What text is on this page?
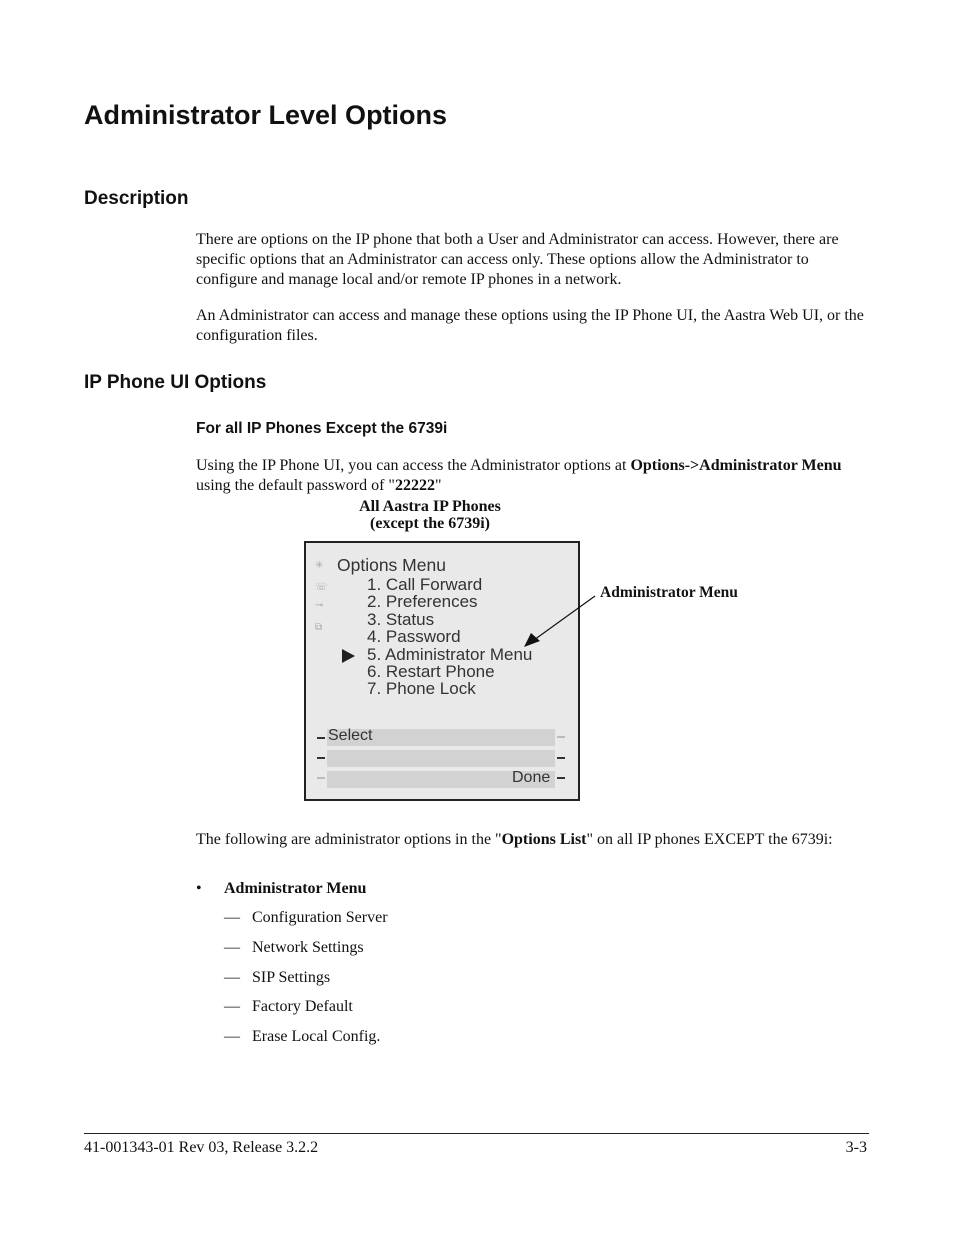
Administrator Level Options
Description

There are options on the IP phone that both a User and Administrator can access. However, there are specific options that an Administrator can access only. These options allow the Administrator to configure and manage local and/or remote IP phones in a network.

An Administrator can access and manage these options using the IP Phone UI, the Aastra Web UI, or the configuration files.

IP Phone UI Options
For all IP Phones Except the 6739i

Using the IP Phone UI, you can access the Administrator options at Options->Administrator Menu using the default password of "22222"

All Aastra IP Phones
(except the 6739i)
✳
☏
⊸
⧉
Options Menu
1. Call Forward
2. Preferences
3. Status
4. Password
5. Administrator Menu
6. Restart Phone
7. Phone Lock
Select
Done
Administrator Menu

The following are administrator options in the "Options List" on all IP phones EXCEPT the 6739i:

• Administrator Menu
— Configuration Server
— Network Settings
— SIP Settings
— Factory Default
— Erase Local Config.
41-001343-01 Rev 03, Release 3.2.2	3-3
